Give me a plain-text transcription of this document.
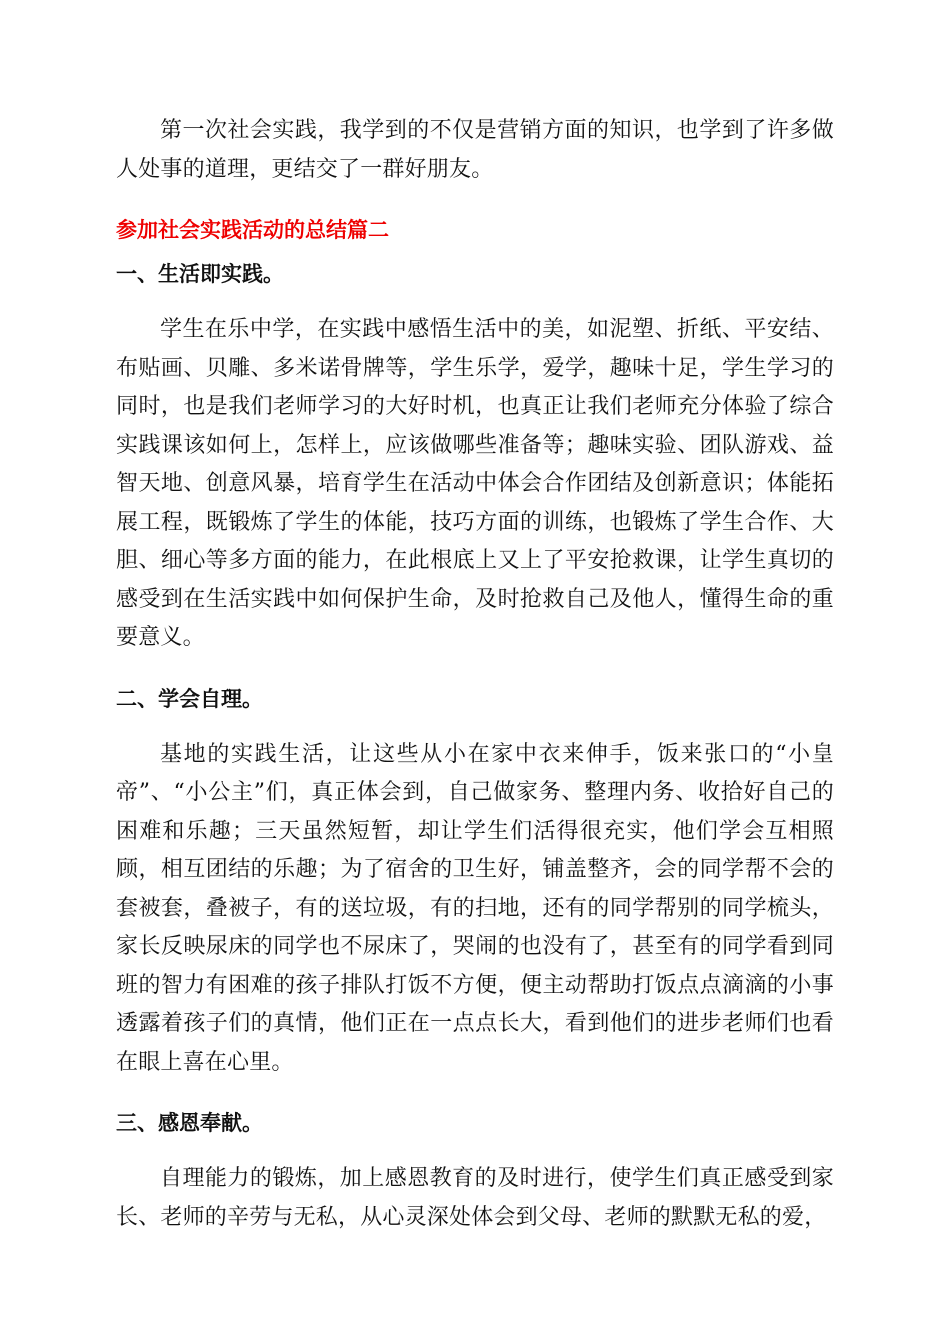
第一次社会实践，我学到的不仅是营销方面的知识，也学到了许多做人处事的道理，更结交了一群好朋友。

参加社会实践活动的总结篇二
一、生活即实践。

学生在乐中学，在实践中感悟生活中的美，如泥塑、折纸、平安结、布贴画、贝雕、多米诺骨牌等，学生乐学，爱学，趣味十足，学生学习的同时，也是我们老师学习的大好时机，也真正让我们老师充分体验了综合实践课该如何上，怎样上，应该做哪些准备等；趣味实验、团队游戏、益智天地、创意风暴，培育学生在活动中体会合作团结及创新意识；体能拓展工程，既锻炼了学生的体能，技巧方面的训练，也锻炼了学生合作、大胆、细心等多方面的能力，在此根底上又上了平安抢救课，让学生真切的感受到在生活实践中如何保护生命，及时抢救自己及他人，懂得生命的重要意义。

二、学会自理。

基地的实践生活，让这些从小在家中衣来伸手，饭来张口的“小皇帝”、“小公主”们，真正体会到，自己做家务、整理内务、收拾好自己的困难和乐趣；三天虽然短暂，却让学生们活得很充实，他们学会互相照顾，相互团结的乐趣；为了宿舍的卫生好，铺盖整齐，会的同学帮不会的套被套，叠被子，有的送垃圾，有的扫地，还有的同学帮别的同学梳头，家长反映尿床的同学也不尿床了，哭闹的也没有了，甚至有的同学看到同班的智力有困难的孩子排队打饭不方便，便主动帮助打饭点点滴滴的小事透露着孩子们的真情，他们正在一点点长大，看到他们的进步老师们也看在眼上喜在心里。

三、感恩奉献。

自理能力的锻炼，加上感恩教育的及时进行，使学生们真正感受到家长、老师的辛劳与无私，从心灵深处体会到父母、老师的默默无私的爱，
